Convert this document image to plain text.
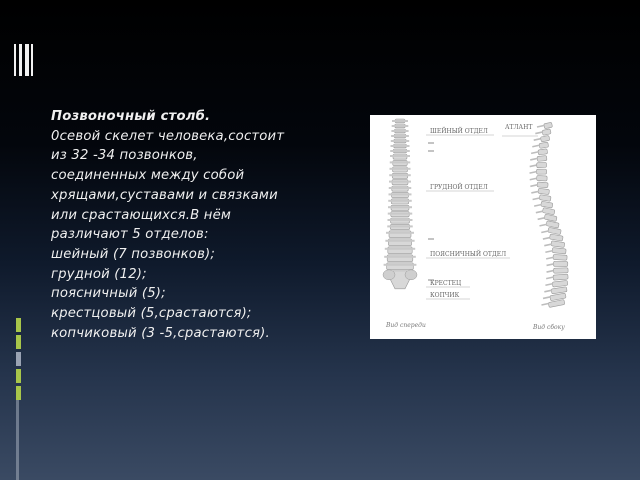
Позвоночный столб.
0севой скелет человека,состоит
из 32 -34 позвонков,
соединенных между собой
хрящами,суставами и связками
или срастающихся.В нём
различают 5 отделов:
шейный (7 позвонков);
грудной (12);
поясничный (5);
крестцовый (5,срастаются);
копчиковый (3 -5,срастаются).
ШЕЙНЫЙ ОТДЕЛ
АТЛАНТ
ГРУДНОЙ ОТДЕЛ
ПОЯСНИЧНЫЙ ОТДЕЛ
КРЕСТЕЦ
КОПЧИК
Вид спереди	Вид сбоку
